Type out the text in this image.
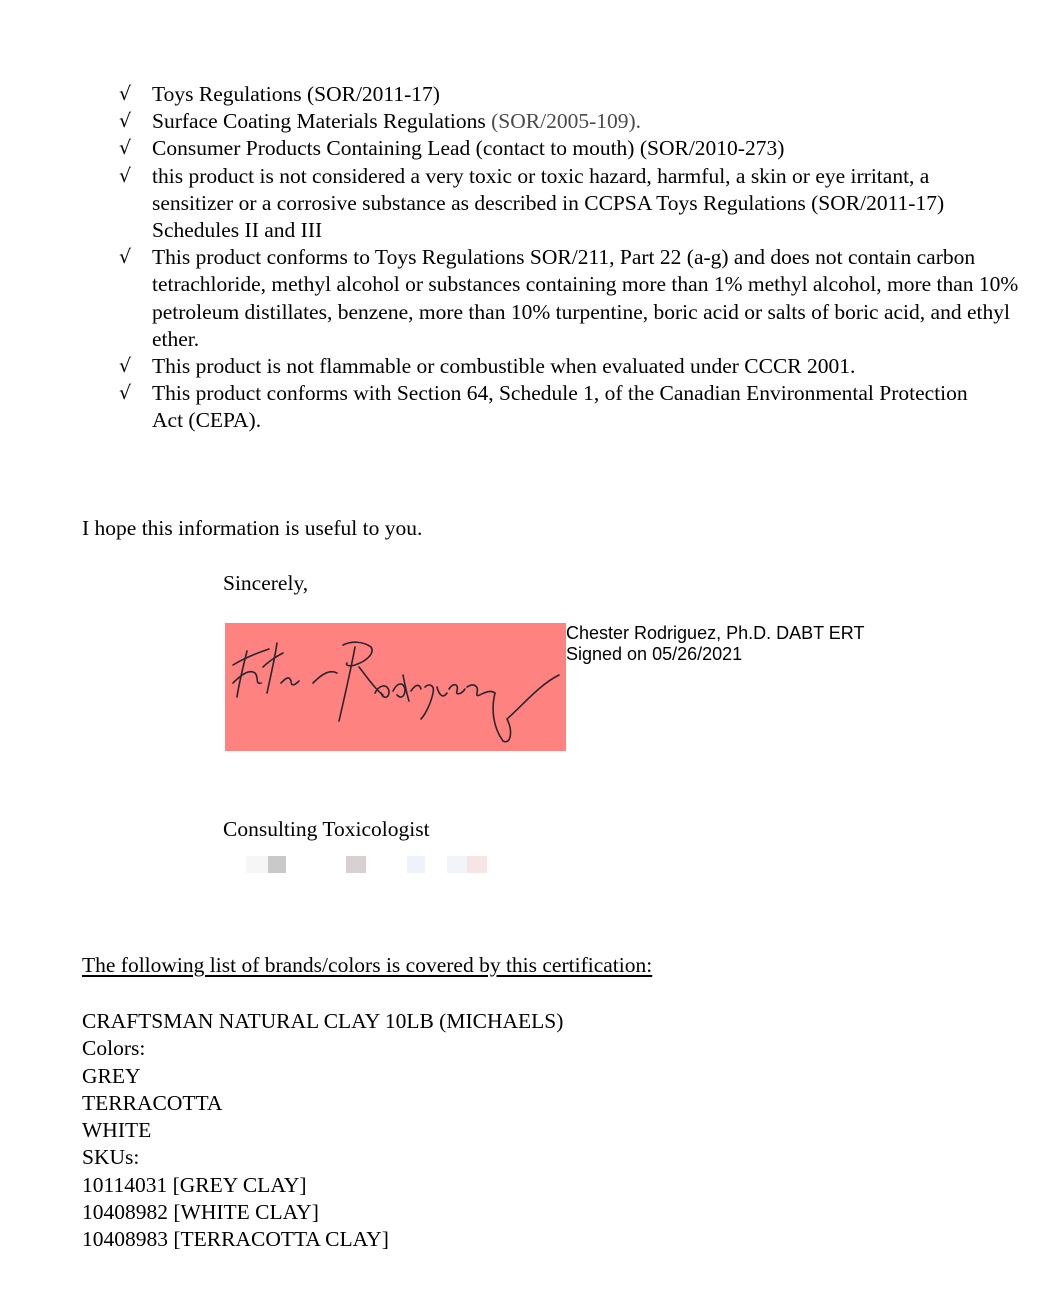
√ Toys Regulations (SOR/2011-17)
√ Surface Coating Materials Regulations (SOR/2005-109).
√ Consumer Products Containing Lead (contact to mouth) (SOR/2010-273)
√ this product is not considered a very toxic or toxic hazard, harmful, a skin or eye irritant, a sensitizer or a corrosive substance as described in CCPSA Toys Regulations (SOR/2011-17) Schedules II and III
√ This product conforms to Toys Regulations SOR/211, Part 22 (a-g) and does not contain carbon tetrachloride, methyl alcohol or substances containing more than 1% methyl alcohol, more than 10% petroleum distillates, benzene, more than 10% turpentine, boric acid or salts of boric acid, and ethyl ether.
√ This product is not flammable or combustible when evaluated under CCCR 2001.
√ This product conforms with Section 64, Schedule 1, of the Canadian Environmental Protection Act (CEPA).

I hope this information is useful to you.

Sincerely,

Chester Rodriguez, Ph.D. DABT ERT
Signed on 05/26/2021

Consulting Toxicologist

The following list of brands/colors is covered by this certification:

CRAFTSMAN NATURAL CLAY 10LB (MICHAELS)
Colors:
GREY
TERRACOTTA
WHITE
SKUs:
10114031 [GREY CLAY]
10408982 [WHITE CLAY]
10408983 [TERRACOTTA CLAY]
